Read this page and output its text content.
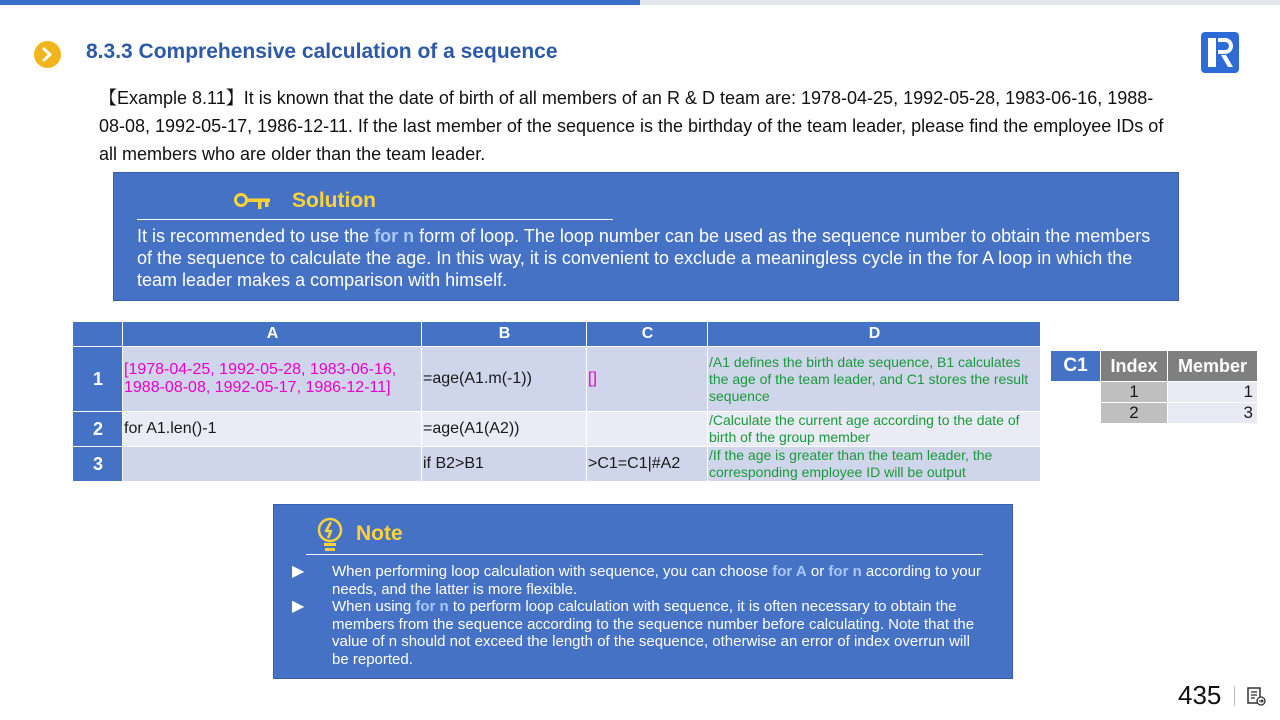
8.3.3 Comprehensive calculation of a sequence
【Example 8.11】It is known that the date of birth of all members of an R & D team are: 1978-04-25, 1992-05-28, 1983-06-16, 1988-08-08, 1992-05-17, 1986-12-11. If the last member of the sequence is the birthday of the team leader, please find the employee IDs of all members who are older than the team leader.
Solution
It is recommended to use the for n form of loop. The loop number can be used as the sequence number to obtain the members of the sequence to calculate the age. In this way, it is convenient to exclude a meaningless cycle in the for A loop in which the team leader makes a comparison with himself.
	A	B	C	D
1	[1978-04-25, 1992-05-28, 1983-06-16, 1988-08-08, 1992-05-17, 1986-12-11]	=age(A1.m(-1))	[]	/A1 defines the birth date sequence, B1 calculates the age of the team leader, and C1 stores the result sequence
2	for A1.len()-1	=age(A1(A2))		/Calculate the current age according to the date of birth of the group member
3		if B2>B1	>C1=C1|#A2	/If the age is greater than the team leader, the corresponding employee ID will be output
C1	Index	Member
	1	1
	2	3
Note
▶ When performing loop calculation with sequence, you can choose for A or for n according to your needs, and the latter is more flexible.
▶ When using for n to perform loop calculation with sequence, it is often necessary to obtain the members from the sequence according to the sequence number before calculating. Note that the value of n should not exceed the length of the sequence, otherwise an error of index overrun will be reported.
435
